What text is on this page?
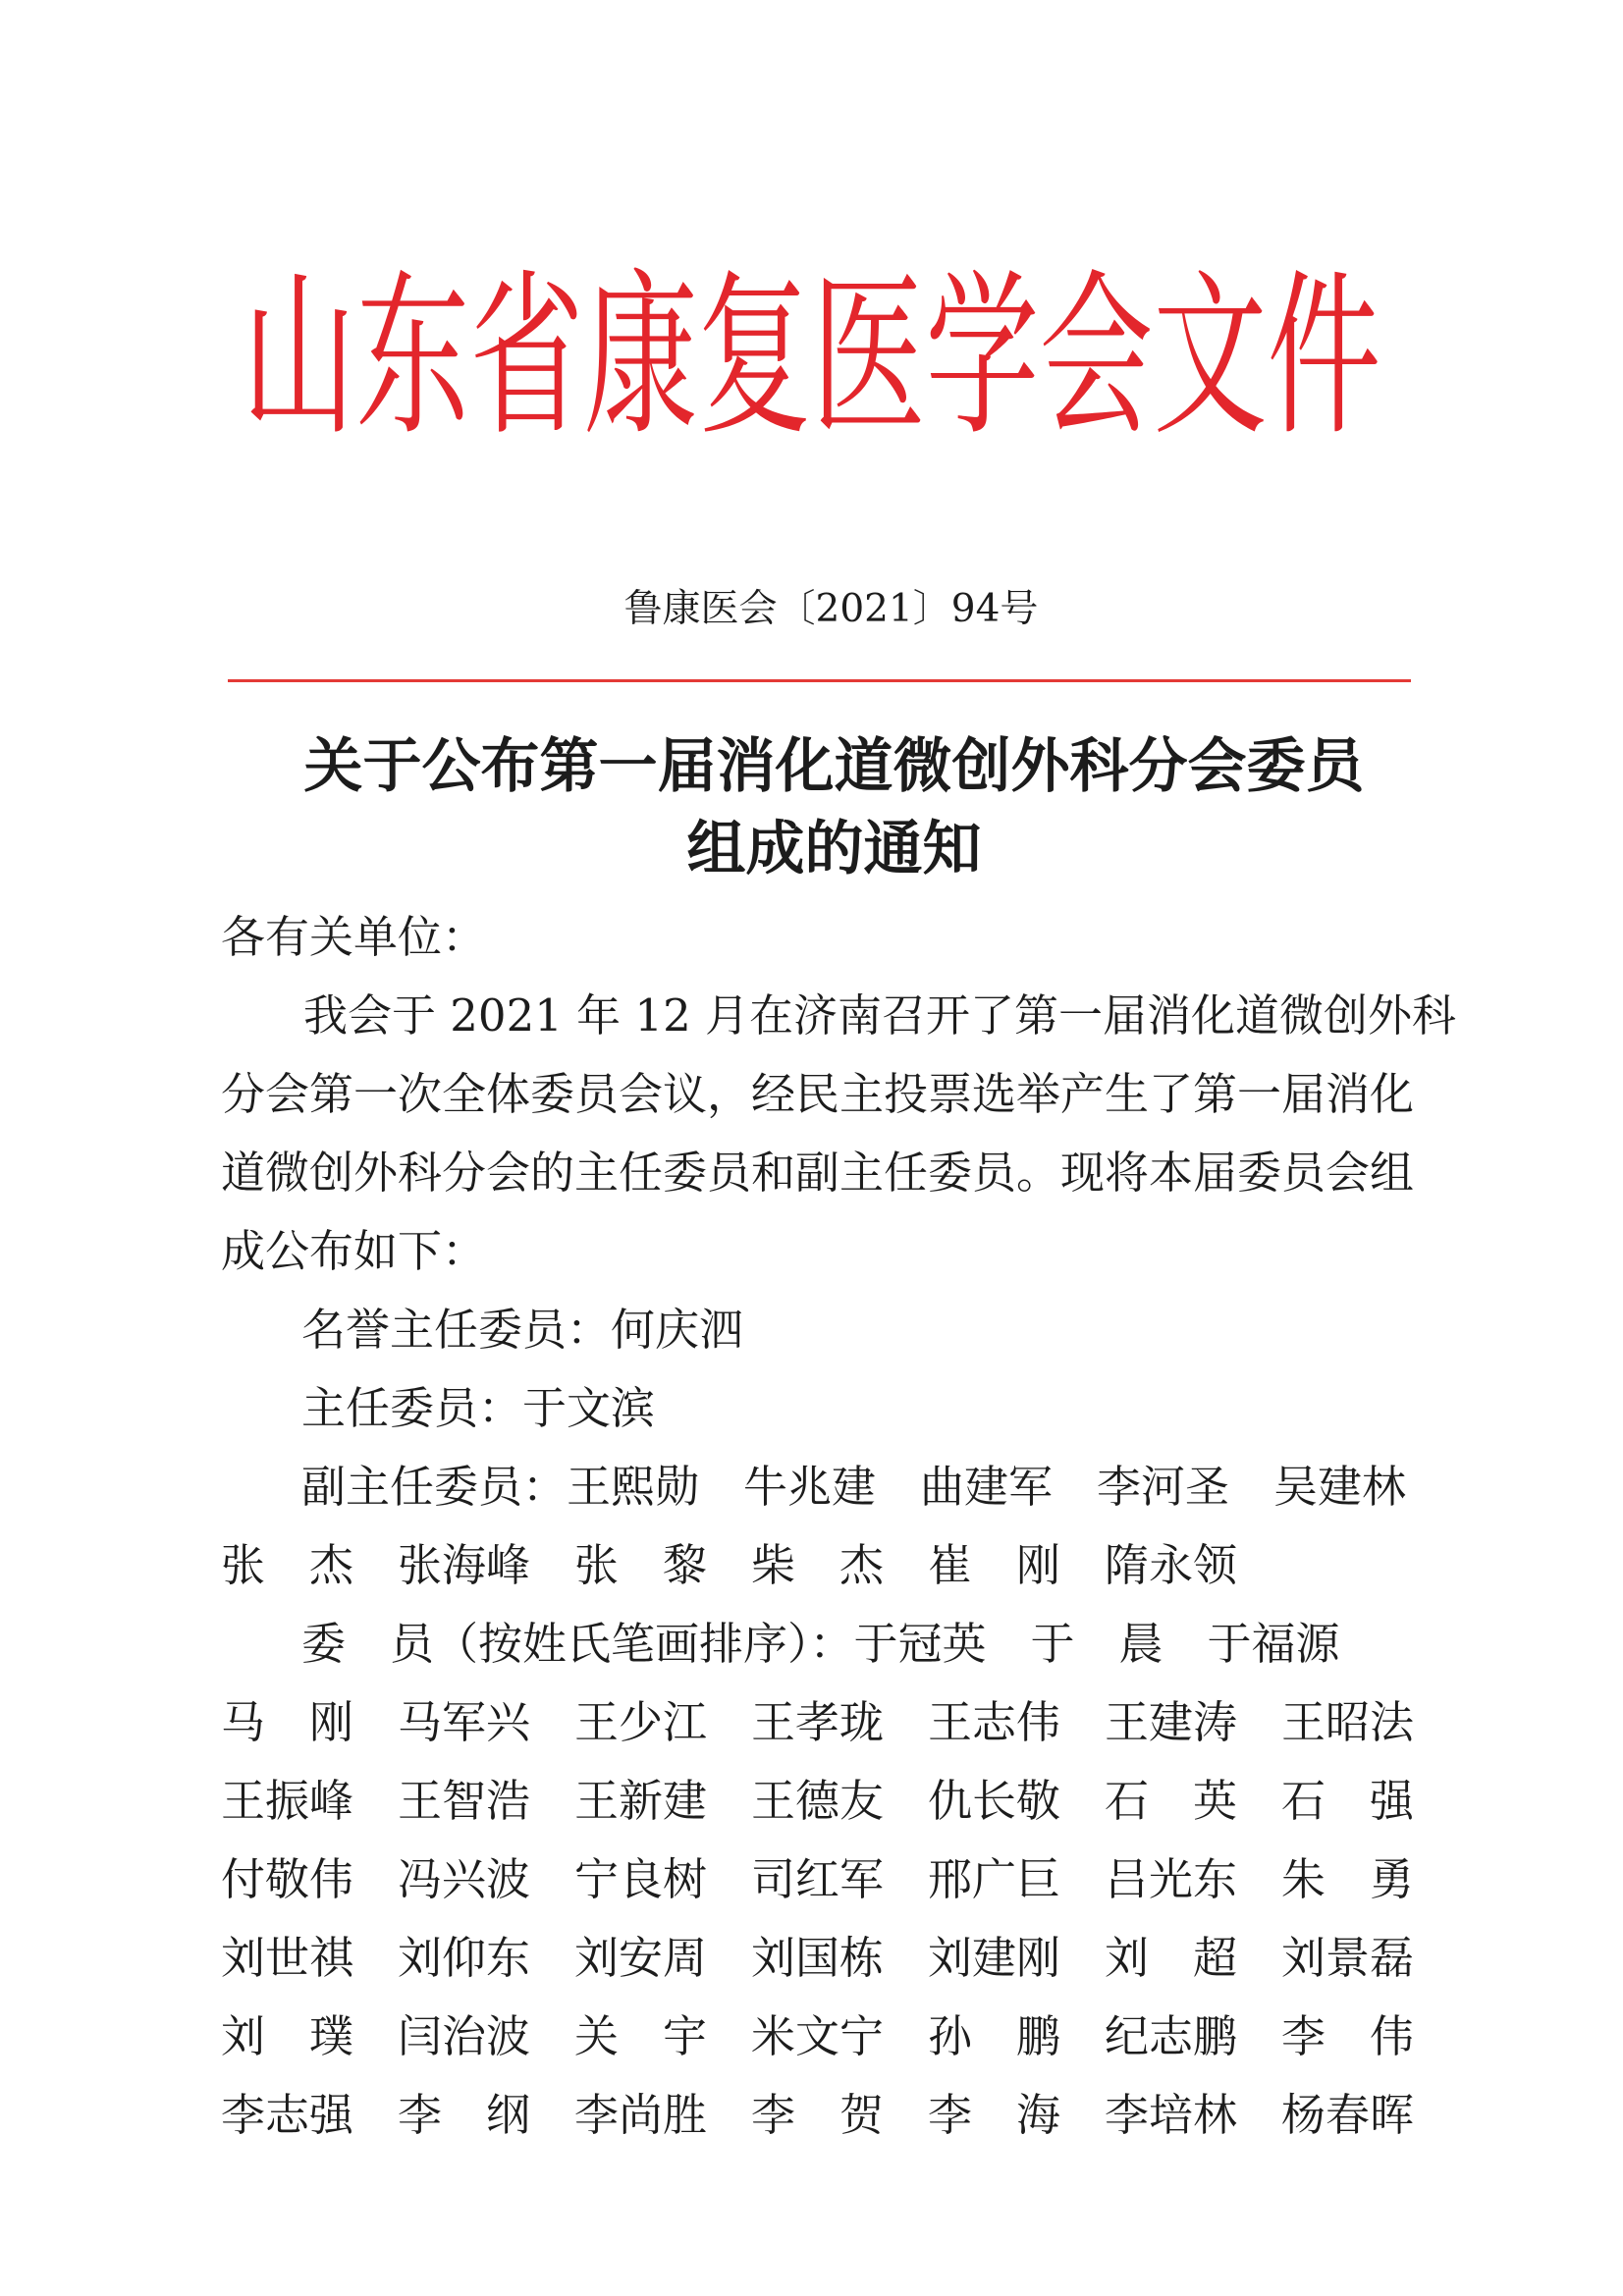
山东省康复医学会文件
鲁康医会〔2021〕94号
关于公布第一届消化道微创外科分会委员
组成的通知
各有关单位：
我会于 2021 年 12 月在济南召开了第一届消化道微创外科
分会第一次全体委员会议，经民主投票选举产生了第一届消化
道微创外科分会的主任委员和副主任委员。现将本届委员会组
成公布如下：
名誉主任委员：何庆泗
主任委员：于文滨
副主任委员：王熙勋 牛兆建 曲建军 李河圣 吴建林张杰 张海峰 张黎 柴杰 崔刚 隋永领
委员（按姓氏笔画排序）：于冠英 于晨 于福源马刚 马军兴 王少江 王孝珑 王志伟 王建涛 王昭法王振峰 王智浩 王新建 王德友 仇长敬 石英 石强付敬伟 冯兴波 宁良树 司红军 邢广巨 吕光东 朱勇刘世祺 刘仰东 刘安周 刘国栋 刘建刚 刘超 刘景磊刘璞 闫治波 关宇 米文宁 孙鹏 纪志鹏 李伟李志强 李纲 李尚胜 李贺 李海 李培林 杨春晖
